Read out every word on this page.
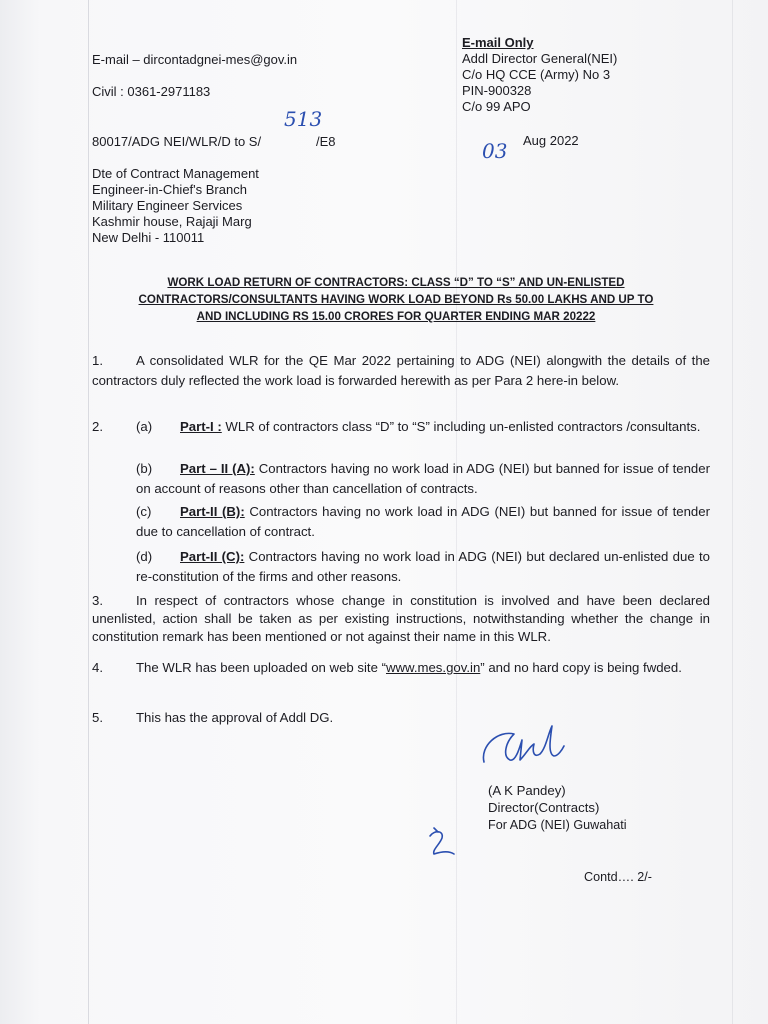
E-mail – dircontadgnei-mes@gov.in
Civil : 0361-2971183
E-mail Only
Addl Director General(NEI)
C/o HQ CCE (Army) No 3
PIN-900328
C/o 99 APO
80017/ADG NEI/WLR/D to S/	/E8
513
03 Aug 2022
Dte of Contract Management
Engineer-in-Chief's Branch
Military Engineer Services
Kashmir house, Rajaji Marg
New Delhi - 110011
WORK LOAD RETURN OF CONTRACTORS: CLASS “D” TO “S” AND UN-ENLISTED
CONTRACTORS/CONSULTANTS HAVING WORK LOAD BEYOND Rs 50.00 LAKHS AND UP TO
AND INCLUDING RS 15.00 CRORES FOR QUARTER ENDING MAR 20222
1.	A consolidated WLR for the QE Mar 2022 pertaining to ADG (NEI) alongwith the details of the contractors duly reflected the work load is forwarded herewith as per Para 2 here-in below.
2.	(a)	Part-I : WLR of contractors class “D” to “S” including un-enlisted contractors /consultants.
(b)	Part – II (A): Contractors having no work load in ADG (NEI) but banned for issue of tender on account of reasons other than cancellation of contracts.
(c)	Part-II (B): Contractors having no work load in ADG (NEI) but banned for issue of tender due to cancellation of contract.
(d)	Part-II (C): Contractors having no work load in ADG (NEI) but declared un-enlisted due to re-constitution of the firms and other reasons.
3.	In respect of contractors whose change in constitution is involved and have been declared unenlisted, action shall be taken as per existing instructions, notwithstanding whether the change in constitution remark has been mentioned or not against their name in this WLR.
4.	The WLR has been uploaded on web site “www.mes.gov.in” and no hard copy is being fwded.
5.	This has the approval of Addl DG.
(A K Pandey)
Director(Contracts)
For ADG (NEI) Guwahati
Contd…. 2/-
